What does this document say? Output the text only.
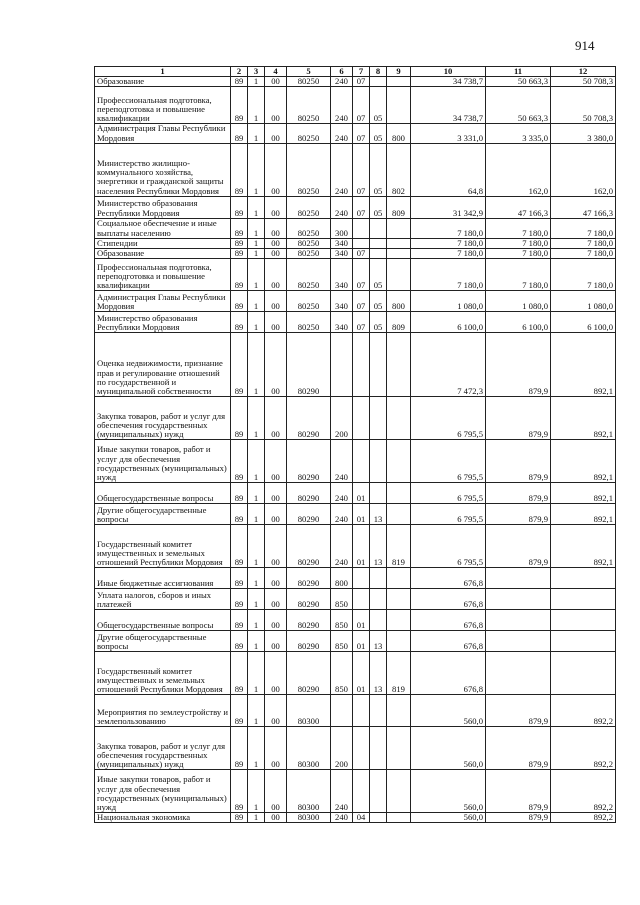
914
1	2	3	4	5	6	7	8	9	10	11	12
Образование	89	1	00	80250	240	07			34 738,7	50 663,3	50 708,3
Профессиональная подготовка, переподготовка и повышение квалификации	89	1	00	80250	240	07	05		34 738,7	50 663,3	50 708,3
Администрация Главы Республики Мордовия	89	1	00	80250	240	07	05	800	3 331,0	3 335,0	3 380,0
Министерство жилищно-коммунального хозяйства, энергетики и гражданской защиты населения Республики Мордовия	89	1	00	80250	240	07	05	802	64,8	162,0	162,0
Министерство образования Республики Мордовия	89	1	00	80250	240	07	05	809	31 342,9	47 166,3	47 166,3
Социальное обеспечение и иные выплаты населению	89	1	00	80250	300				7 180,0	7 180,0	7 180,0
Стипендии	89	1	00	80250	340				7 180,0	7 180,0	7 180,0
Образование	89	1	00	80250	340	07			7 180,0	7 180,0	7 180,0
Профессиональная подготовка, переподготовка и повышение квалификации	89	1	00	80250	340	07	05		7 180,0	7 180,0	7 180,0
Администрация Главы Республики Мордовия	89	1	00	80250	340	07	05	800	1 080,0	1 080,0	1 080,0
Министерство образования Республики Мордовия	89	1	00	80250	340	07	05	809	6 100,0	6 100,0	6 100,0
Оценка недвижимости, признание прав и регулирование отношений по государственной и муниципальной собственности	89	1	00	80290					7 472,3	879,9	892,1
Закупка товаров, работ и услуг для обеспечения государственных (муниципальных) нужд	89	1	00	80290	200				6 795,5	879,9	892,1
Иные закупки товаров, работ и услуг для обеспечения государственных (муниципальных) нужд	89	1	00	80290	240				6 795,5	879,9	892,1
Общегосударственные вопросы	89	1	00	80290	240	01			6 795,5	879,9	892,1
Другие общегосударственные вопросы	89	1	00	80290	240	01	13		6 795,5	879,9	892,1
Государственный комитет имущественных и земельных отношений Республики Мордовия	89	1	00	80290	240	01	13	819	6 795,5	879,9	892,1
Иные бюджетные ассигнования	89	1	00	80290	800				676,8		
Уплата налогов, сборов и иных платежей	89	1	00	80290	850				676,8		
Общегосударственные вопросы	89	1	00	80290	850	01			676,8		
Другие общегосударственные вопросы	89	1	00	80290	850	01	13		676,8		
Государственный комитет имущественных и земельных отношений Республики Мордовия	89	1	00	80290	850	01	13	819	676,8		
Мероприятия по землеустройству и землепользованию	89	1	00	80300					560,0	879,9	892,2
Закупка товаров, работ и услуг для обеспечения государственных (муниципальных) нужд	89	1	00	80300	200				560,0	879,9	892,2
Иные закупки товаров, работ и услуг для обеспечения государственных (муниципальных) нужд	89	1	00	80300	240				560,0	879,9	892,2
Национальная экономика	89	1	00	80300	240	04			560,0	879,9	892,2
